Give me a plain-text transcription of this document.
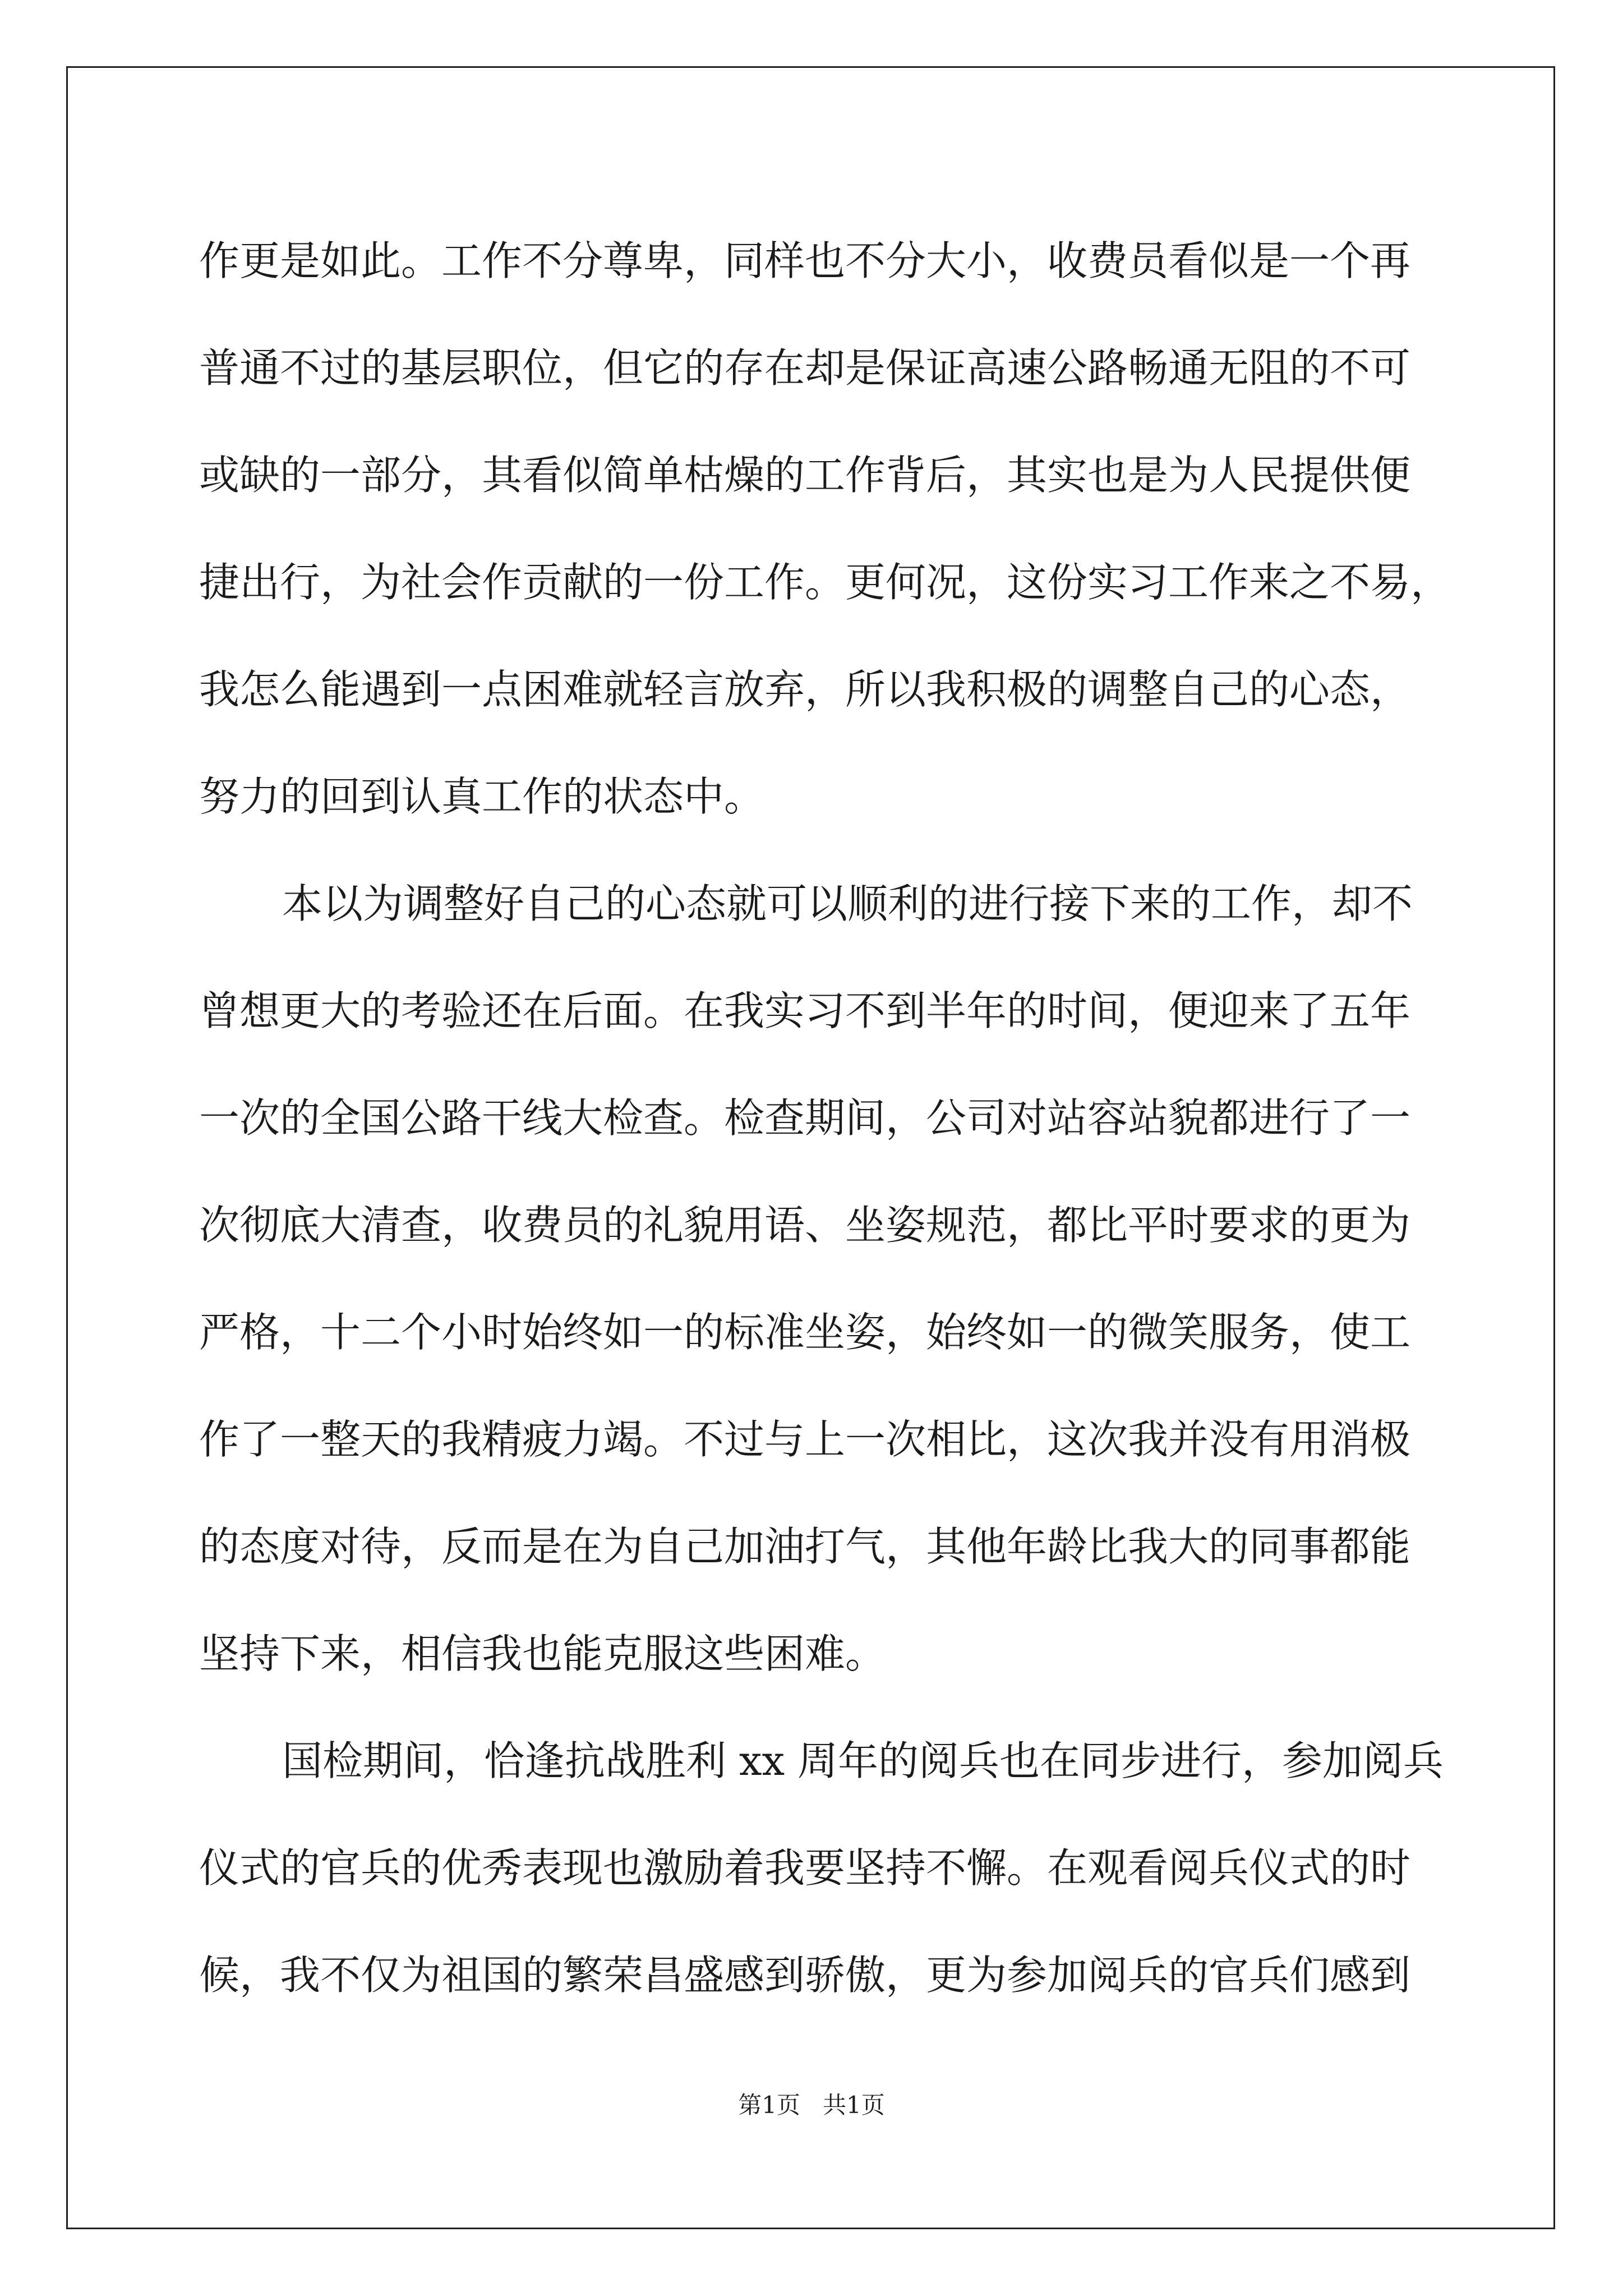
作更是如此。工作不分尊卑，同样也不分大小，收费员看似是一个再
普通不过的基层职位，但它的存在却是保证高速公路畅通无阻的不可
或缺的一部分，其看似简单枯燥的工作背后，其实也是为人民提供便
捷出行，为社会作贡献的一份工作。更何况，这份实习工作来之不易，
我怎么能遇到一点困难就轻言放弃，所以我积极的调整自己的心态，
努力的回到认真工作的状态中。

本以为调整好自己的心态就可以顺利的进行接下来的工作，却不
曾想更大的考验还在后面。在我实习不到半年的时间，便迎来了五年
一次的全国公路干线大检查。检查期间，公司对站容站貌都进行了一
次彻底大清查，收费员的礼貌用语、坐姿规范，都比平时要求的更为
严格，十二个小时始终如一的标准坐姿，始终如一的微笑服务，使工
作了一整天的我精疲力竭。不过与上一次相比，这次我并没有用消极
的态度对待，反而是在为自己加油打气，其他年龄比我大的同事都能
坚持下来，相信我也能克服这些困难。

国检期间，恰逢抗战胜利 xx 周年的阅兵也在同步进行，参加阅兵
仪式的官兵的优秀表现也激励着我要坚持不懈。在观看阅兵仪式的时
候，我不仅为祖国的繁荣昌盛感到骄傲，更为参加阅兵的官兵们感到

第1页 共1页
